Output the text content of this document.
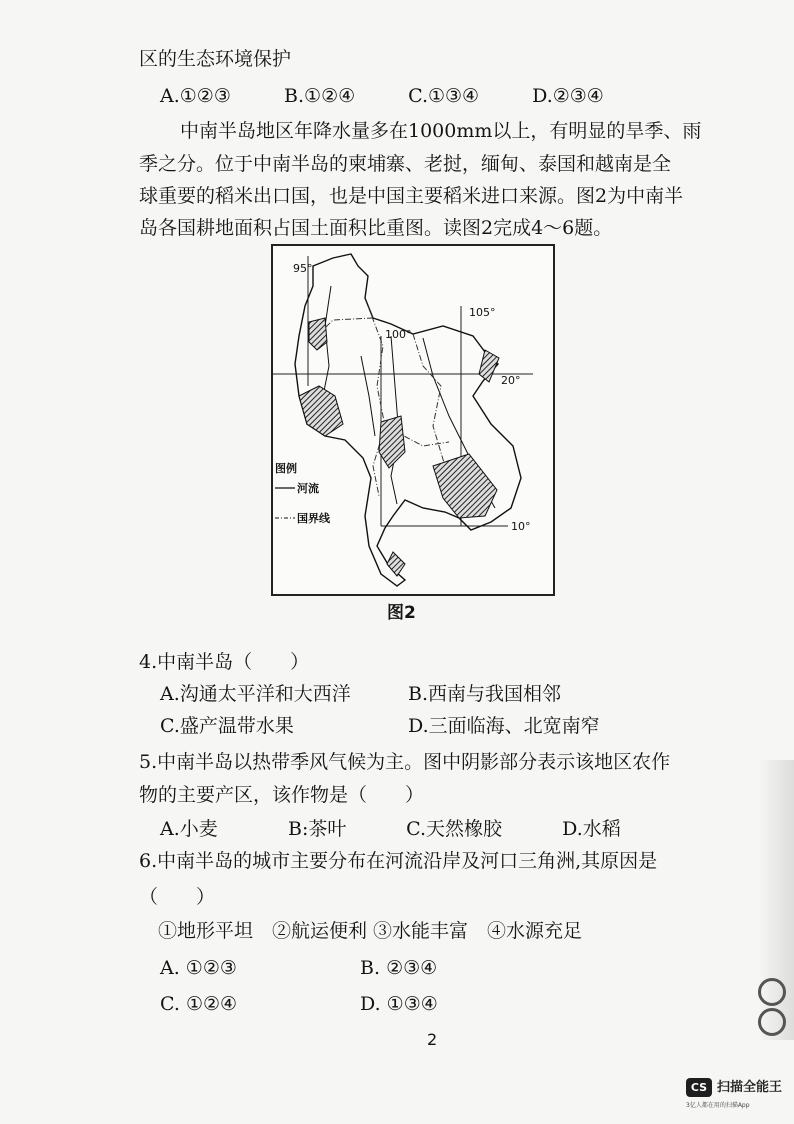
区的生态环境保护
A.①②③	B.①②④	C.①③④	D.②③④
中南半岛地区年降水量多在1000mm以上，有明显的旱季、雨
季之分。位于中南半岛的柬埔寨、老挝，缅甸、泰国和越南是全
球重要的稻米出口国，也是中国主要稻米进口来源。图2为中南半
岛各国耕地面积占国土面积比重图。读图2完成4～6题。
95°
100°
105°
20°
10°
图例
河流
国界线
图2
4.中南半岛（　　）
A.沟通太平洋和大西洋	B.西南与我国相邻
C.盛产温带水果	D.三面临海、北宽南窄
5.中南半岛以热带季风气候为主。图中阴影部分表示该地区农作
物的主要产区，该作物是（　　）
A.小麦	B:茶叶	C.天然橡胶	D.水稻
6.中南半岛的城市主要分布在河流沿岸及河口三角洲,其原因是
（　　）
①地形平坦　②航运便利 ③水能丰富　④水源充足
A. ①②③	B. ②③④
C. ①②④	D. ①③④
2
CS 扫描全能王
3亿人都在用的扫描App
